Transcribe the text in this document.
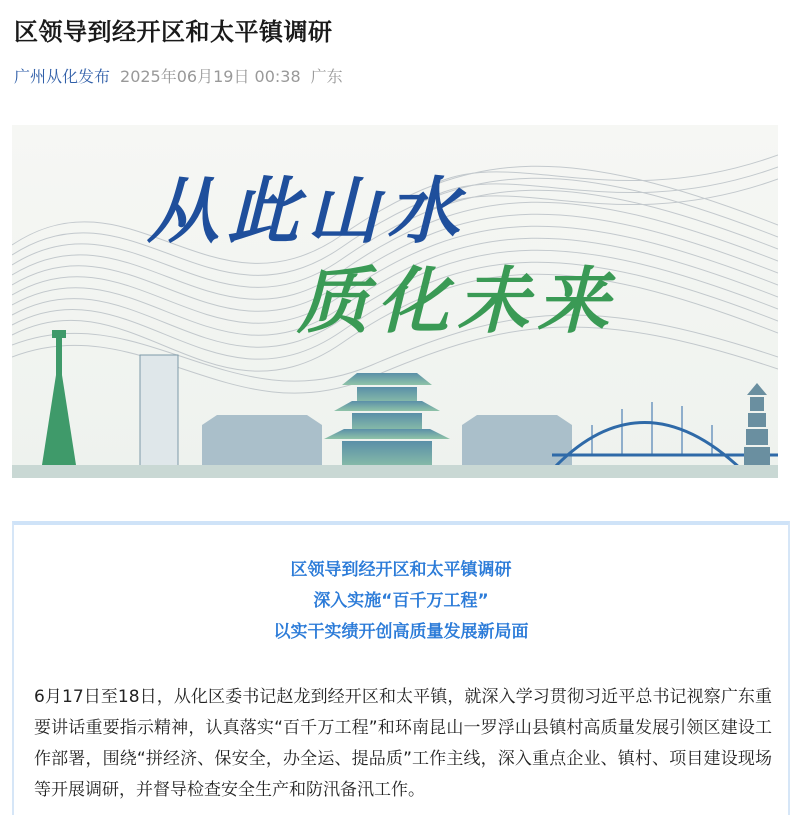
区领导到经开区和太平镇调研
广州从化发布 2025年06月19日 00:38 广东
从此山水
质化未来
区领导到经开区和太平镇调研
深入实施“百千万工程”
以实干实绩开创高质量发展新局面

6月17日至18日，从化区委书记赵龙到经开区和太平镇，就深入学习贯彻习近平总书记视察广东重要讲话重要指示精神，认真落实“百千万工程”和环南昆山一罗浮山县镇村高质量发展引领区建设工作部署，围绕“拼经济、保安全，办全运、提品质”工作主线，深入重点企业、镇村、项目建设现场等开展调研，并督导检查安全生产和防汛备汛工作。
